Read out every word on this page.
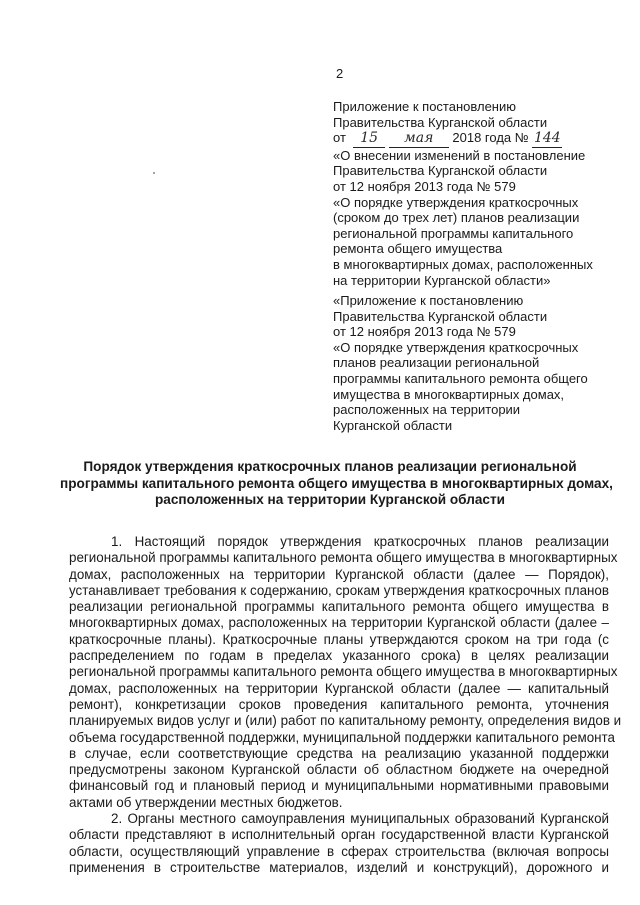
2
Приложение к постановлению
Правительства Курганской области
от 15 мая 2018 года № 144
«О внесении изменений в постановление
Правительства Курганской области
от 12 ноября 2013 года № 579
«О порядке утверждения краткосрочных
(сроком до трех лет) планов реализации
региональной программы капитального
ремонта общего имущества
в многоквартирных домах, расположенных
на территории Курганской области»
«Приложение к постановлению
Правительства Курганской области
от 12 ноября 2013 года № 579
«О порядке утверждения краткосрочных
планов реализации региональной
программы капитального ремонта общего
имущества в многоквартирных домах,
расположенных на территории
Курганской области
Порядок утверждения краткосрочных планов реализации региональной
программы капитального ремонта общего имущества в многоквартирных домах,
расположенных на территории Курганской области
1. Настоящий порядок утверждения краткосрочных планов реализации
региональной программы капитального ремонта общего имущества в многоквартирных
домах, расположенных на территории Курганской области (далее — Порядок),
устанавливает требования к содержанию, срокам утверждения краткосрочных планов
реализации региональной программы капитального ремонта общего имущества в
многоквартирных домах, расположенных на территории Курганской области (далее –
краткосрочные планы). Краткосрочные планы утверждаются сроком на три года (с
распределением по годам в пределах указанного срока) в целях реализации
региональной программы капитального ремонта общего имущества в многоквартирных
домах, расположенных на территории Курганской области (далее — капитальный
ремонт), конкретизации сроков проведения капитального ремонта, уточнения
планируемых видов услуг и (или) работ по капитальному ремонту, определения видов и
объема государственной поддержки, муниципальной поддержки капитального ремонта
в случае, если соответствующие средства на реализацию указанной поддержки
предусмотрены законом Курганской области об областном бюджете на очередной
финансовый год и плановый период и муниципальными нормативными правовыми
актами об утверждении местных бюджетов.
2. Органы местного самоуправления муниципальных образований Курганской
области представляют в исполнительный орган государственной власти Курганской
области, осуществляющий управление в сферах строительства (включая вопросы
применения в строительстве материалов, изделий и конструкций), дорожного и
